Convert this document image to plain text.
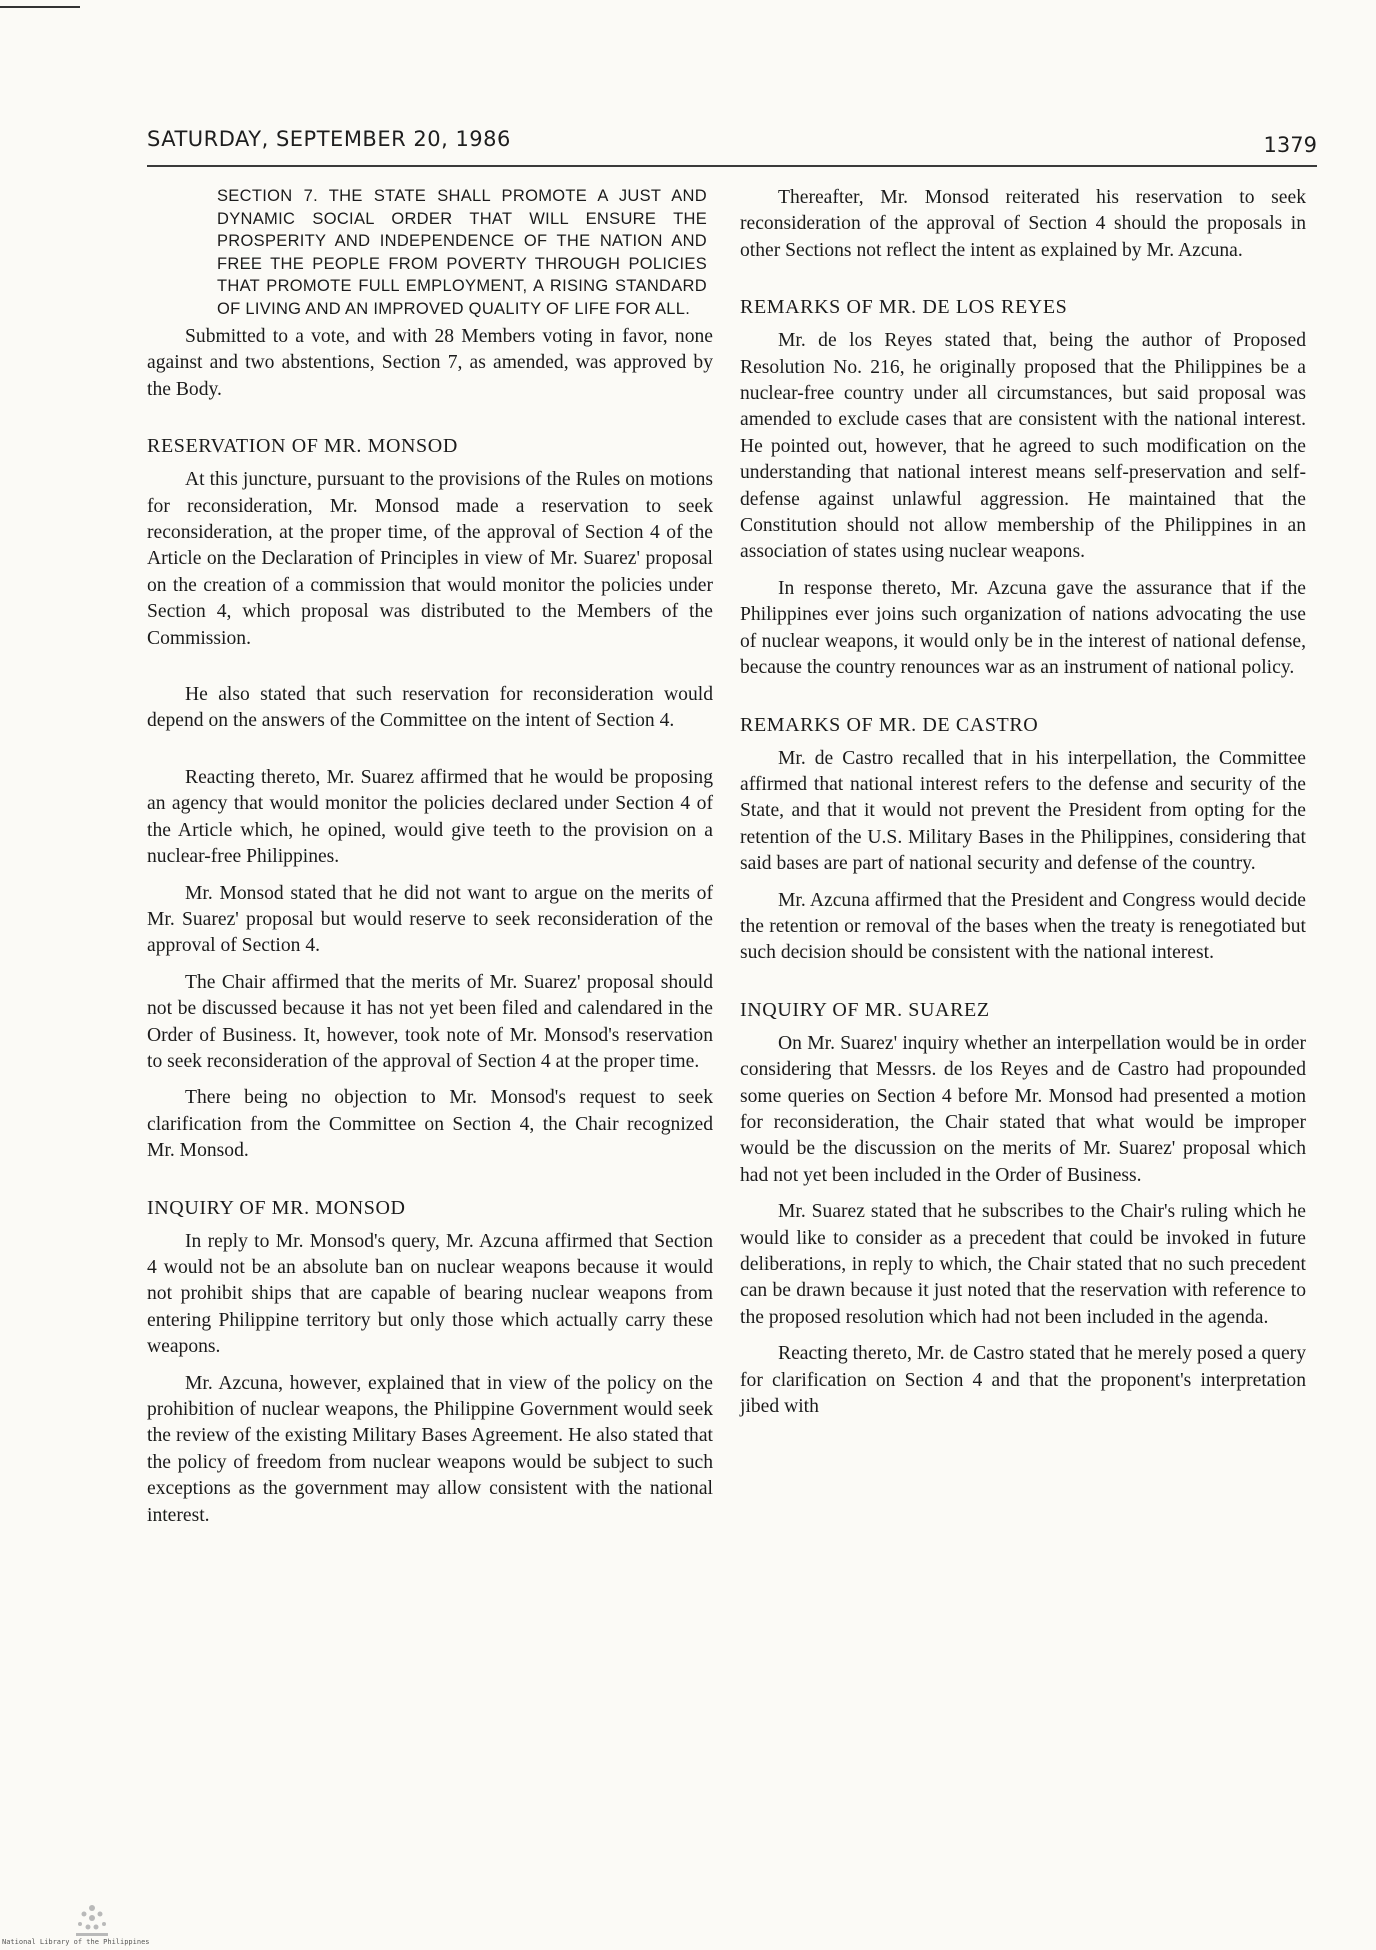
SATURDAY, SEPTEMBER 20, 1986	1379

SECTION 7. THE STATE SHALL PROMOTE A JUST AND DYNAMIC SOCIAL ORDER THAT WILL ENSURE THE PROSPERITY AND INDEPENDENCE OF THE NATION AND FREE THE PEOPLE FROM POVERTY THROUGH POLICIES THAT PROMOTE FULL EMPLOYMENT, A RISING STANDARD OF LIVING AND AN IMPROVED QUALITY OF LIFE FOR ALL.

Submitted to a vote, and with 28 Members voting in favor, none against and two abstentions, Section 7, as amended, was approved by the Body.

RESERVATION OF MR. MONSOD

At this juncture, pursuant to the provisions of the Rules on motions for reconsideration, Mr. Monsod made a reservation to seek reconsideration, at the proper time, of the approval of Section 4 of the Article on the Declaration of Principles in view of Mr. Suarez' proposal on the creation of a commission that would monitor the policies under Section 4, which proposal was distributed to the Members of the Commission.

He also stated that such reservation for reconsideration would depend on the answers of the Committee on the intent of Section 4.

Reacting thereto, Mr. Suarez affirmed that he would be proposing an agency that would monitor the policies declared under Section 4 of the Article which, he opined, would give teeth to the provision on a nuclear-free Philippines.

Mr. Monsod stated that he did not want to argue on the merits of Mr. Suarez' proposal but would reserve to seek reconsideration of the approval of Section 4.

The Chair affirmed that the merits of Mr. Suarez' proposal should not be discussed because it has not yet been filed and calendared in the Order of Business. It, however, took note of Mr. Monsod's reservation to seek reconsideration of the approval of Section 4 at the proper time.

There being no objection to Mr. Monsod's request to seek clarification from the Committee on Section 4, the Chair recognized Mr. Monsod.

INQUIRY OF MR. MONSOD

In reply to Mr. Monsod's query, Mr. Azcuna affirmed that Section 4 would not be an absolute ban on nuclear weapons because it would not prohibit ships that are capable of bearing nuclear weapons from entering Philippine territory but only those which actually carry these weapons.

Mr. Azcuna, however, explained that in view of the policy on the prohibition of nuclear weapons, the Philippine Government would seek the review of the existing Military Bases Agreement. He also stated that the policy of freedom from nuclear weapons would be subject to such exceptions as the government may allow consistent with the national interest.

Thereafter, Mr. Monsod reiterated his reservation to seek reconsideration of the approval of Section 4 should the proposals in other Sections not reflect the intent as explained by Mr. Azcuna.

REMARKS OF MR. DE LOS REYES

Mr. de los Reyes stated that, being the author of Proposed Resolution No. 216, he originally proposed that the Philippines be a nuclear-free country under all circumstances, but said proposal was amended to exclude cases that are consistent with the national interest. He pointed out, however, that he agreed to such modification on the understanding that national interest means self-preservation and self-defense against unlawful aggression. He maintained that the Constitution should not allow membership of the Philippines in an association of states using nuclear weapons.

In response thereto, Mr. Azcuna gave the assurance that if the Philippines ever joins such organization of nations advocating the use of nuclear weapons, it would only be in the interest of national defense, because the country renounces war as an instrument of national policy.

REMARKS OF MR. DE CASTRO

Mr. de Castro recalled that in his interpellation, the Committee affirmed that national interest refers to the defense and security of the State, and that it would not prevent the President from opting for the retention of the U.S. Military Bases in the Philippines, considering that said bases are part of national security and defense of the country.

Mr. Azcuna affirmed that the President and Congress would decide the retention or removal of the bases when the treaty is renegotiated but such decision should be consistent with the national interest.

INQUIRY OF MR. SUAREZ

On Mr. Suarez' inquiry whether an interpellation would be in order considering that Messrs. de los Reyes and de Castro had propounded some queries on Section 4 before Mr. Monsod had presented a motion for reconsideration, the Chair stated that what would be improper would be the discussion on the merits of Mr. Suarez' proposal which had not yet been included in the Order of Business.

Mr. Suarez stated that he subscribes to the Chair's ruling which he would like to consider as a precedent that could be invoked in future deliberations, in reply to which, the Chair stated that no such precedent can be drawn because it just noted that the reservation with reference to the proposed resolution which had not been included in the agenda.

Reacting thereto, Mr. de Castro stated that he merely posed a query for clarification on Section 4 and that the proponent's interpretation jibed with

National Library of the Philippines
